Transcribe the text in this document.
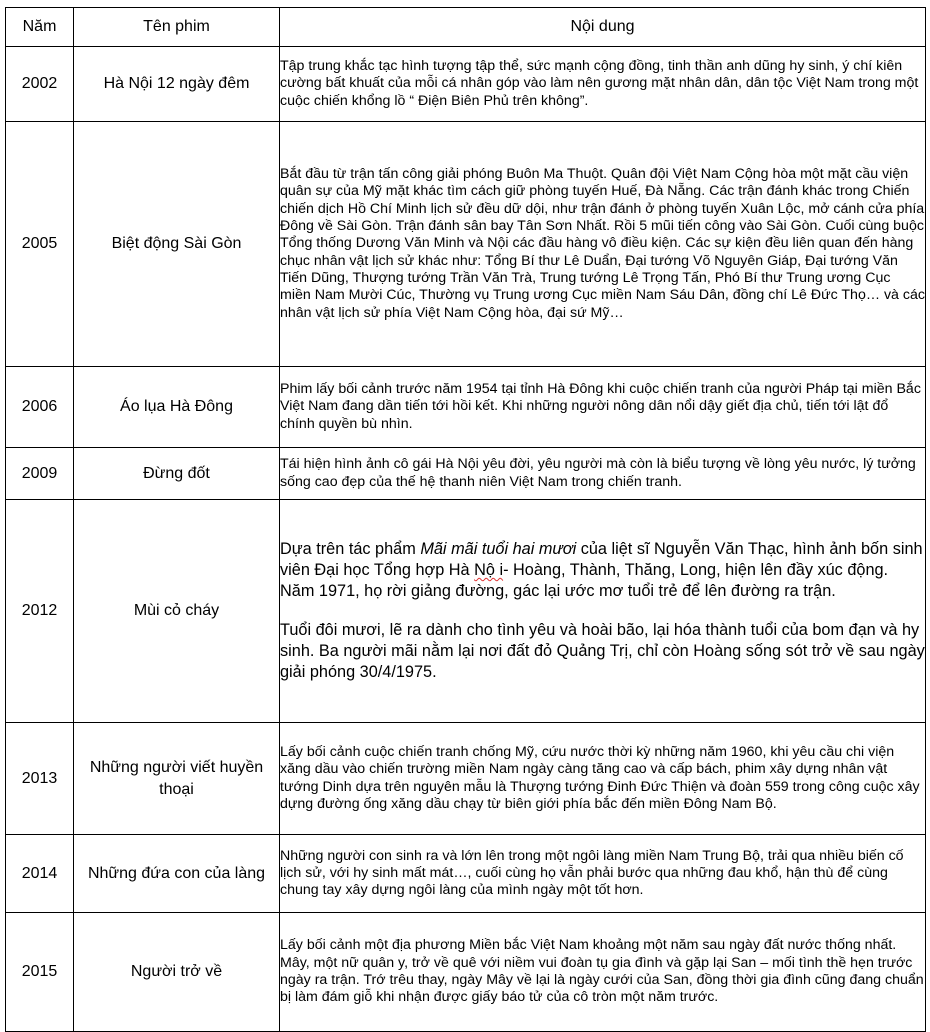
Năm	Tên phim	Nội dung
2002	Hà Nội 12 ngày đêm	Tập trung khắc tạc hình tượng tập thể, sức mạnh cộng đồng, tinh thần anh dũng hy sinh, ý chí kiên cường bất khuất của mỗi cá nhân góp vào làm nên gương mặt nhân dân, dân tộc Việt Nam trong một cuộc chiến khổng lồ “ Điện Biên Phủ trên không”.
2005	Biệt động Sài Gòn	Bắt đầu từ trận tấn công giải phóng Buôn Ma Thuột. Quân đội Việt Nam Cộng hòa một mặt cầu viện quân sự của Mỹ mặt khác tìm cách giữ phòng tuyến Huế, Đà Nẵng. Các trận đánh khác trong Chiến chiến dịch Hồ Chí Minh lịch sử đều dữ dội, như trận đánh ở phòng tuyến Xuân Lộc, mở cánh cửa phía Đông về Sài Gòn. Trận đánh sân bay Tân Sơn Nhất. Rồi 5 mũi tiến công vào Sài Gòn. Cuối cùng buộc Tổng thống Dương Văn Minh và Nội các đầu hàng vô điều kiện. Các sự kiện đều liên quan đến hàng chục nhân vật lịch sử khác như: Tổng Bí thư Lê Duẩn, Đại tướng Võ Nguyên Giáp, Đại tướng Văn Tiến Dũng, Thượng tướng Trần Văn Trà, Trung tướng Lê Trọng Tấn, Phó Bí thư Trung ương Cục miền Nam Mười Cúc, Thường vụ Trung ương Cục miền Nam Sáu Dân, đồng chí Lê Đức Thọ… và các nhân vật lịch sử phía Việt Nam Cộng hòa, đại sứ Mỹ…
2006	Áo lụa Hà Đông	Phim lấy bối cảnh trước năm 1954 tại tỉnh Hà Đông khi cuộc chiến tranh của người Pháp tại miền Bắc Việt Nam đang dần tiến tới hồi kết. Khi những người nông dân nổi dậy giết địa chủ, tiến tới lật đổ chính quyền bù nhìn.
2009	Đừng đốt	Tái hiện hình ảnh cô gái Hà Nội yêu đời, yêu người mà còn là biểu tượng về lòng yêu nước, lý tưởng sống cao đẹp của thế hệ thanh niên Việt Nam trong chiến tranh.
2012	Mùi cỏ cháy	Dựa trên tác phẩm Mãi mãi tuổi hai mươi của liệt sĩ Nguyễn Văn Thạc, hình ảnh bốn sinh viên Đại học Tổng hợp Hà Nộ i- Hoàng, Thành, Thăng, Long, hiện lên đầy xúc động. Năm 1971, họ rời giảng đường, gác lại ước mơ tuổi trẻ để lên đường ra trận.

Tuổi đôi mươi, lẽ ra dành cho tình yêu và hoài bão, lại hóa thành tuổi của bom đạn và hy sinh. Ba người mãi nằm lại nơi đất đỏ Quảng Trị, chỉ còn Hoàng sống sót trở về sau ngày giải phóng 30/4/1975.

2013	Những người viết huyền thoại	Lấy bối cảnh cuộc chiến tranh chống Mỹ, cứu nước thời kỳ những năm 1960, khi yêu cầu chi viện xăng dầu vào chiến trường miền Nam ngày càng tăng cao và cấp bách, phim xây dựng nhân vật tướng Dinh dựa trên nguyên mẫu là Thượng tướng Đinh Đức Thiện và đoàn 559 trong công cuộc xây dựng đường ống xăng dầu chạy từ biên giới phía bắc đến miền Đông Nam Bộ.
2014	Những đứa con của làng	Những người con sinh ra và lớn lên trong một ngôi làng miền Nam Trung Bộ, trải qua nhiều biến cố lịch sử, với hy sinh mất mát…, cuối cùng họ vẫn phải bước qua những đau khổ, hận thù để cùng chung tay xây dựng ngôi làng của mình ngày một tốt hơn.
2015	Người trở về	Lấy bối cảnh một địa phương Miền bắc Việt Nam khoảng một năm sau ngày đất nước thống nhất. Mây, một nữ quân y, trở về quê với niềm vui đoàn tụ gia đình và gặp lại San – mối tình thề hẹn trước ngày ra trận. Trớ trêu thay, ngày Mây về lại là ngày cưới của San, đồng thời gia đình cũng đang chuẩn bị làm đám giỗ khi nhận được giấy báo tử của cô tròn một năm trước.
